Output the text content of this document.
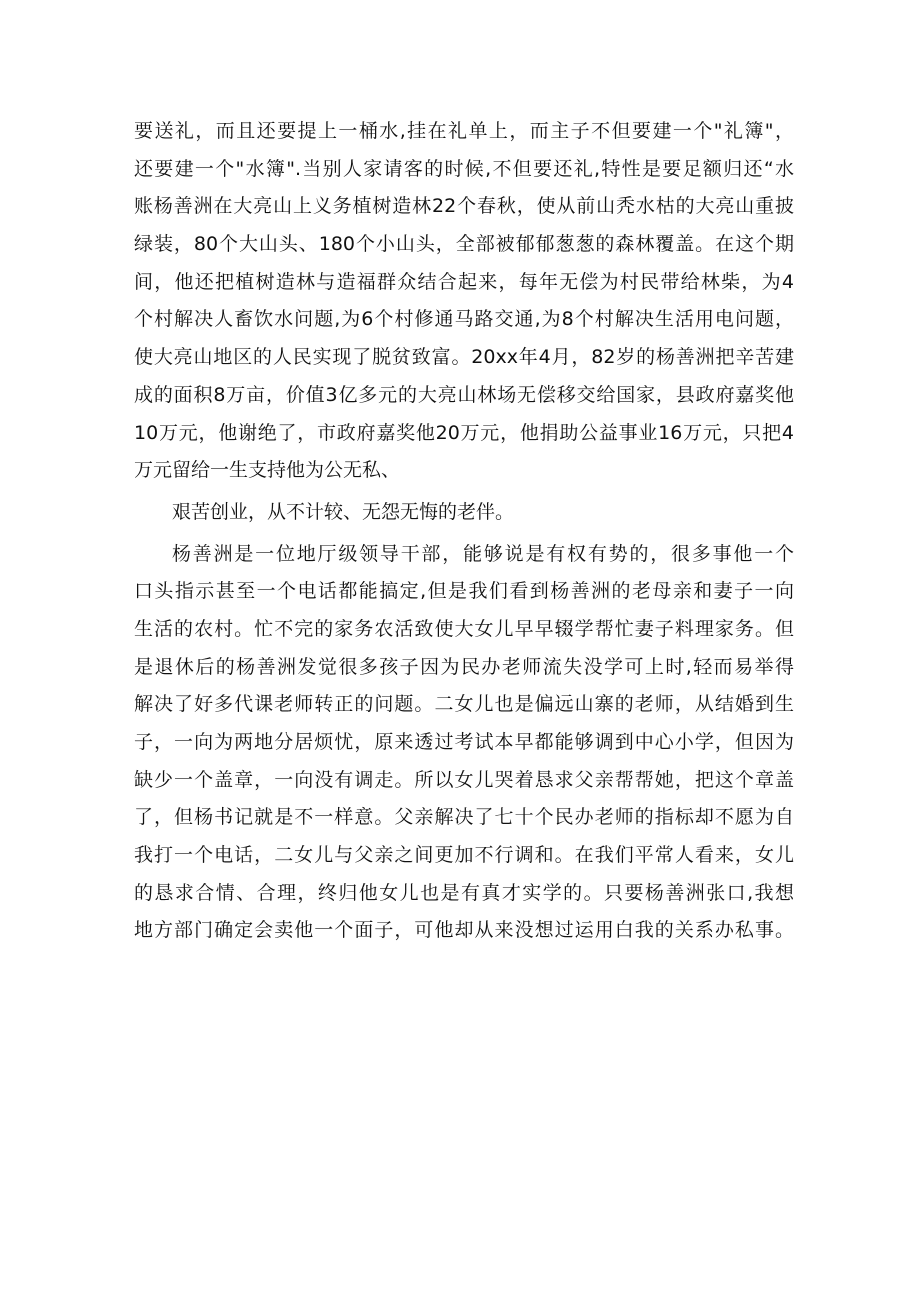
要送礼，而且还要提上一桶水,挂在礼单上，而主子不但要建一个"礼簿"，
还要建一个"水簿".当别人家请客的时候,不但要还礼,特性是要足额归还“水
账杨善洲在大亮山上义务植树造林22个春秋，使从前山秃水枯的大亮山重披
绿装，80个大山头、180个小山头，全部被郁郁葱葱的森林覆盖。在这个期
间，他还把植树造林与造福群众结合起来，每年无偿为村民带给林柴，为4
个村解决人畜饮水问题,为6个村修通马路交通,为8个村解决生活用电问题，
使大亮山地区的人民实现了脱贫致富。20xx年4月，82岁的杨善洲把辛苦建
成的面积8万亩，价值3亿多元的大亮山林场无偿移交给国家，县政府嘉奖他
10万元，他谢绝了，市政府嘉奖他20万元，他捐助公益事业16万元，只把4
万元留给一生支持他为公无私、
艰苦创业，从不计较、无怨无悔的老伴。
杨善洲是一位地厅级领导干部，能够说是有权有势的，很多事他一个
口头指示甚至一个电话都能搞定,但是我们看到杨善洲的老母亲和妻子一向
生活的农村。忙不完的家务农活致使大女儿早早辍学帮忙妻子料理家务。但
是退休后的杨善洲发觉很多孩子因为民办老师流失没学可上时,轻而易举得
解决了好多代课老师转正的问题。二女儿也是偏远山寨的老师，从结婚到生
子，一向为两地分居烦忧，原来透过考试本早都能够调到中心小学，但因为
缺少一个盖章，一向没有调走。所以女儿哭着恳求父亲帮帮她，把这个章盖
了，但杨书记就是不一样意。父亲解决了七十个民办老师的指标却不愿为自
我打一个电话，二女儿与父亲之间更加不行调和。在我们平常人看来，女儿
的恳求合情、合理，终归他女儿也是有真才实学的。只要杨善洲张口,我想
地方部门确定会卖他一个面子，可他却从来没想过运用白我的关系办私事。
